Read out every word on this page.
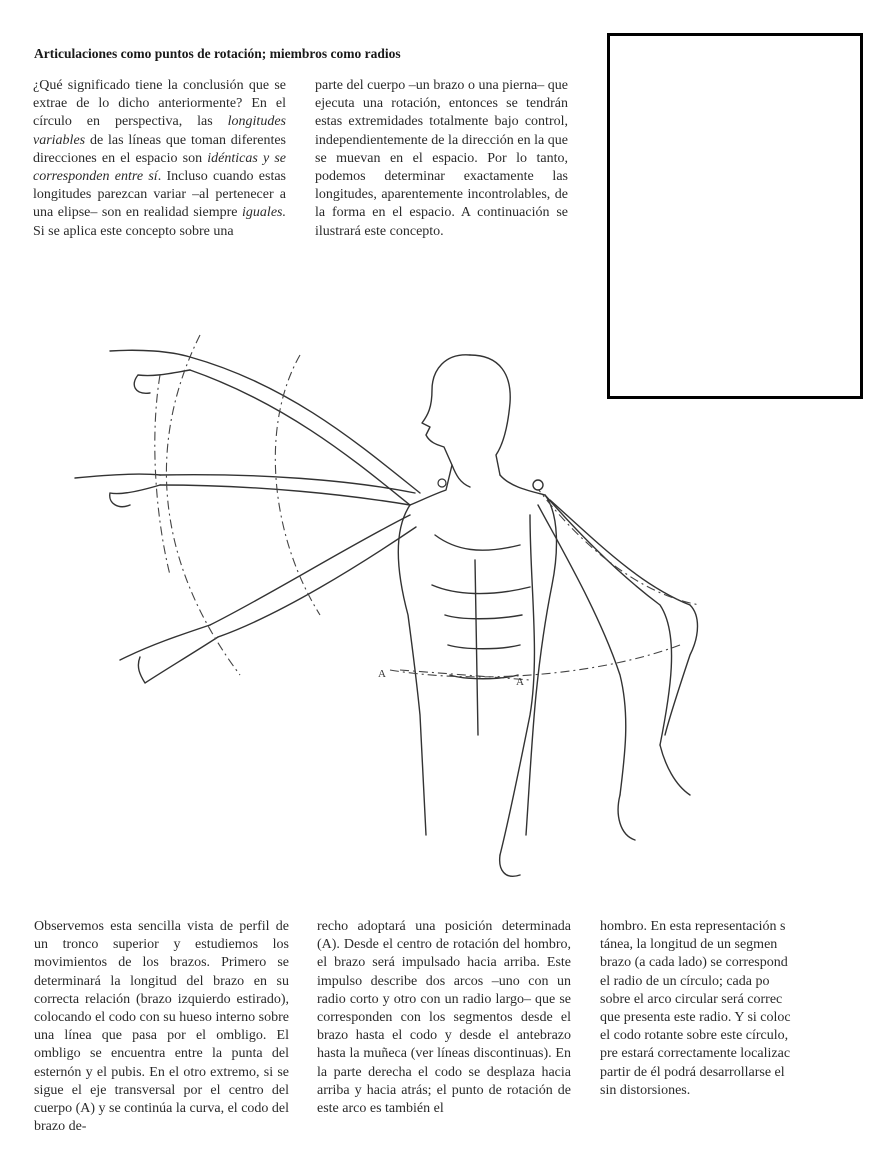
Articulaciones como puntos de rotación; miembros como radios

¿Qué significado tiene la conclusión que se extrae de lo dicho anteriormente? En el círculo en perspectiva, las longitudes variables de las líneas que toman diferentes direcciones en el espacio son idénticas y se corresponden entre sí. Incluso cuando estas longitudes parezcan variar –al pertenecer a una elipse– son en realidad siempre iguales. Si se aplica este concepto sobre una

parte del cuerpo –un brazo o una pierna– que ejecuta una rotación, entonces se tendrán estas extremidades totalmente bajo control, independientemente de la dirección en la que se muevan en el espacio. Por lo tanto, podemos determinar exactamente las longitudes, aparentemente incontrolables, de la forma en el espacio. A continuación se ilustrará este concepto.

A
A

Observemos esta sencilla vista de perfil de un tronco superior y estudiemos los movimientos de los brazos. Primero se determinará la longitud del brazo en su correcta relación (brazo izquierdo estirado), colocando el codo con su hueso interno sobre una línea que pasa por el ombligo. El ombligo se encuentra entre la punta del esternón y el pubis. En el otro extremo, si se sigue el eje transversal por el centro del cuerpo (A) y se continúa la curva, el codo del brazo de-

recho adoptará una posición determinada (A). Desde el centro de rotación del hombro, el brazo será impulsado hacia arriba. Este impulso describe dos arcos –uno con un radio corto y otro con un radio largo– que se corresponden con los segmentos desde el brazo hasta el codo y desde el antebrazo hasta la muñeca (ver líneas discontinuas). En la parte derecha el codo se desplaza hacia arriba y hacia atrás; el punto de rotación de este arco es también el

hombro. En esta representación s
tánea, la longitud de un segmen
brazo (a cada lado) se correspond
el radio de un círculo; cada po
sobre el arco circular será correc
que presenta este radio. Y si coloc
el codo rotante sobre este círculo,
pre estará correctamente localizac
partir de él podrá desarrollarse el
sin distorsiones.
